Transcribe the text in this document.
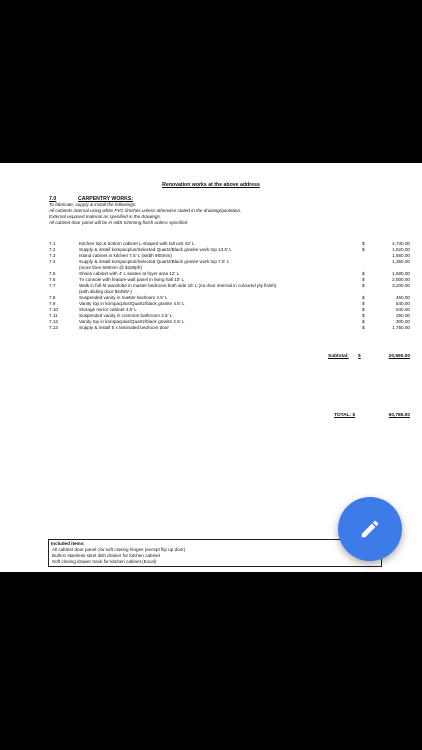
Renovation works at the above address
7.0	CARPENTRY WORKS:
To fabricate, supply & install the followings:
All cabinets internal using white PVC finishes unless otherwise stated in the drawing/quotation.
External exposed material as specified in the drawings.
All cabinet door panel will be in ABS trimming finish unless specified
7.1	Kitchen top & bottom cabinet L-shaped with tall unit 43' L	$	4,730.00
7.2	Supply & install kompacplus/Selected Quartz/Black granite work top 13.5' L	$	1,620.00
7.3	Island cabinet in kitchen 7.5' L (width 900mm)	1,650.00
7.4	Supply & install kompacplus/Selected Quartz/Black granite work top 7.5' L	1,350.00
(more then 600mm @ $180pfr)
7.5	Shoes cabinet with 4' L seatee at foyer area 12' L	$	1,680.00
7.6	Tv console with feature wall panel in living hall 10' L	$	2,500.00
7.7	Walk in full-ht wardrobe in master bedroom both side 16' L (no door internal in coloured ply finish)	$	3,200.00
(with sliding door $4480/-)
7.8	Suspended vanity in master bedroom 4.5' L	$	450.00
7.9	Vanity top in kompacplus/Quartz/black granite 4.5' L	$	540.00
7.10	Storage mirror cabinet 4.5' L	$	540.00
7.11	Suspended vanity in common bathroom 2.5' L	$	250.00
7.12	Vanity top in kompacplus/Quartz/black granite 2.5' L	$	300.00
7.13	Supply & install 5 x laminated bedroom door	$	1,750.00
Subtotal: $	20,560.00
TOTAL: $	60,785.00
Included items:
All cabinet door panel c/w soft closing hinges (except flip up door)
Built-in stainless steel dish drainer for kitchen cabinet
Soft closing drawer track for kitchen cabinet (Excel)
